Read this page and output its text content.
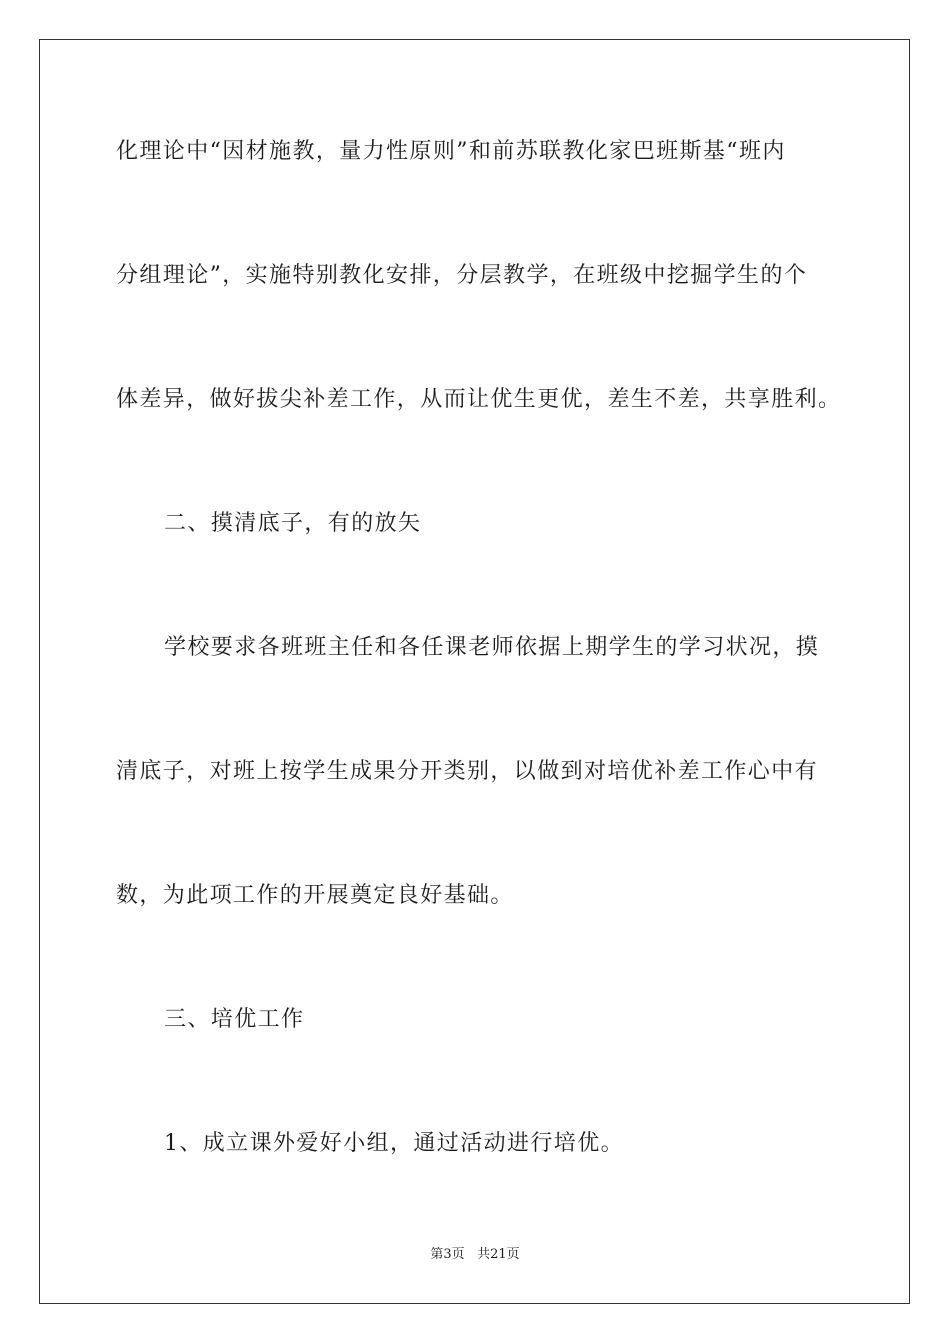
化理论中“因材施教，量力性原则”和前苏联教化家巴班斯基“班内
分组理论”，实施特别教化安排，分层教学，在班级中挖掘学生的个
体差异，做好拔尖补差工作，从而让优生更优，差生不差，共享胜利。
二、摸清底子，有的放矢
学校要求各班班主任和各任课老师依据上期学生的学习状况，摸
清底子，对班上按学生成果分开类别，以做到对培优补差工作心中有
数，为此项工作的开展奠定良好基础。
三、培优工作
1、成立课外爱好小组，通过活动进行培优。
第3页 共21页
